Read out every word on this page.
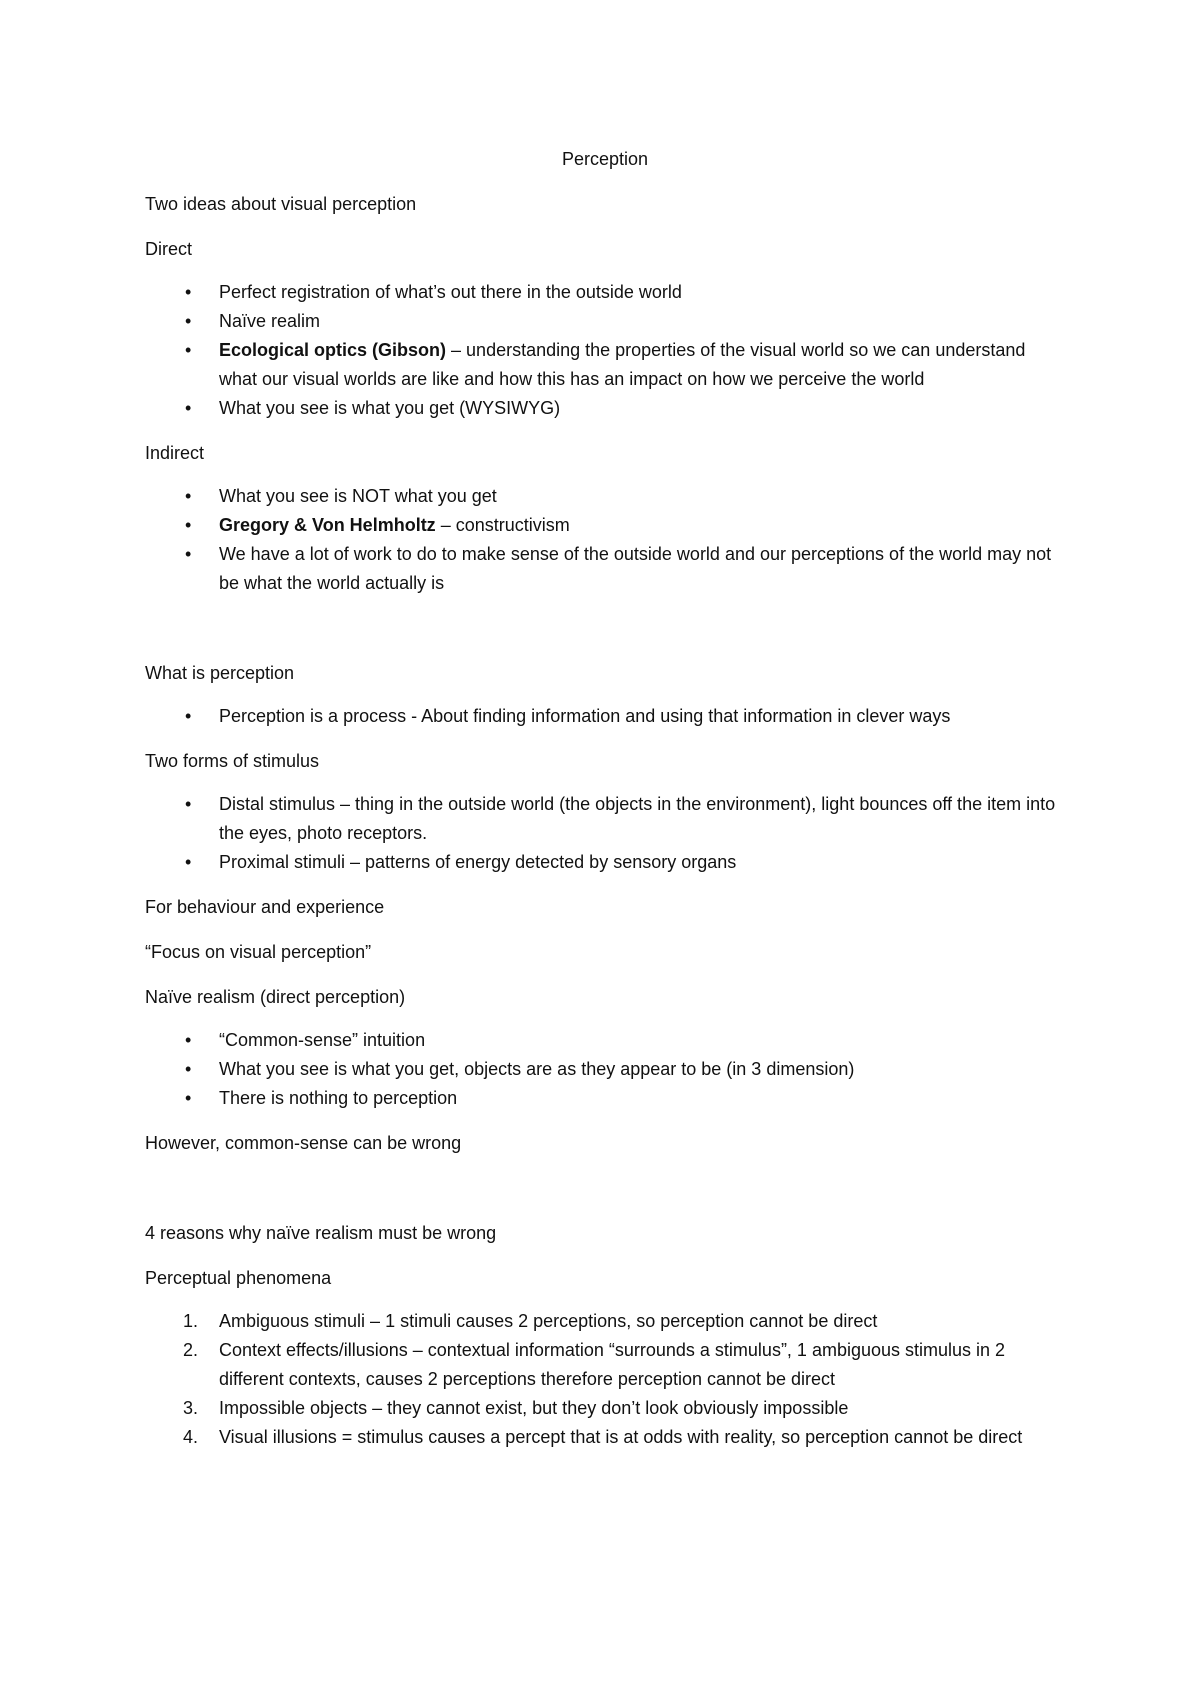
Perception
Two ideas about visual perception
Direct
• Perfect registration of what’s out there in the outside world
• Naïve realim
• Ecological optics (Gibson) – understanding the properties of the visual world so we can understand what our visual worlds are like and how this has an impact on how we perceive the world
• What you see is what you get (WYSIWYG)
Indirect
• What you see is NOT what you get
• Gregory & Von Helmholtz – constructivism
• We have a lot of work to do to make sense of the outside world and our perceptions of the world may not be what the world actually is
What is perception
• Perception is a process - About finding information and using that information in clever ways
Two forms of stimulus
• Distal stimulus – thing in the outside world (the objects in the environment), light bounces off the item into the eyes, photo receptors.
• Proximal stimuli – patterns of energy detected by sensory organs
For behaviour and experience
“Focus on visual perception”
Naïve realism (direct perception)
• “Common-sense” intuition
• What you see is what you get, objects are as they appear to be (in 3 dimension)
• There is nothing to perception
However, common-sense can be wrong
4 reasons why naïve realism must be wrong
Perceptual phenomena
1. Ambiguous stimuli – 1 stimuli causes 2 perceptions, so perception cannot be direct
2. Context effects/illusions – contextual information “surrounds a stimulus”, 1 ambiguous stimulus in 2 different contexts, causes 2 perceptions therefore perception cannot be direct
3. Impossible objects – they cannot exist, but they don’t look obviously impossible
4. Visual illusions = stimulus causes a percept that is at odds with reality, so perception cannot be direct
